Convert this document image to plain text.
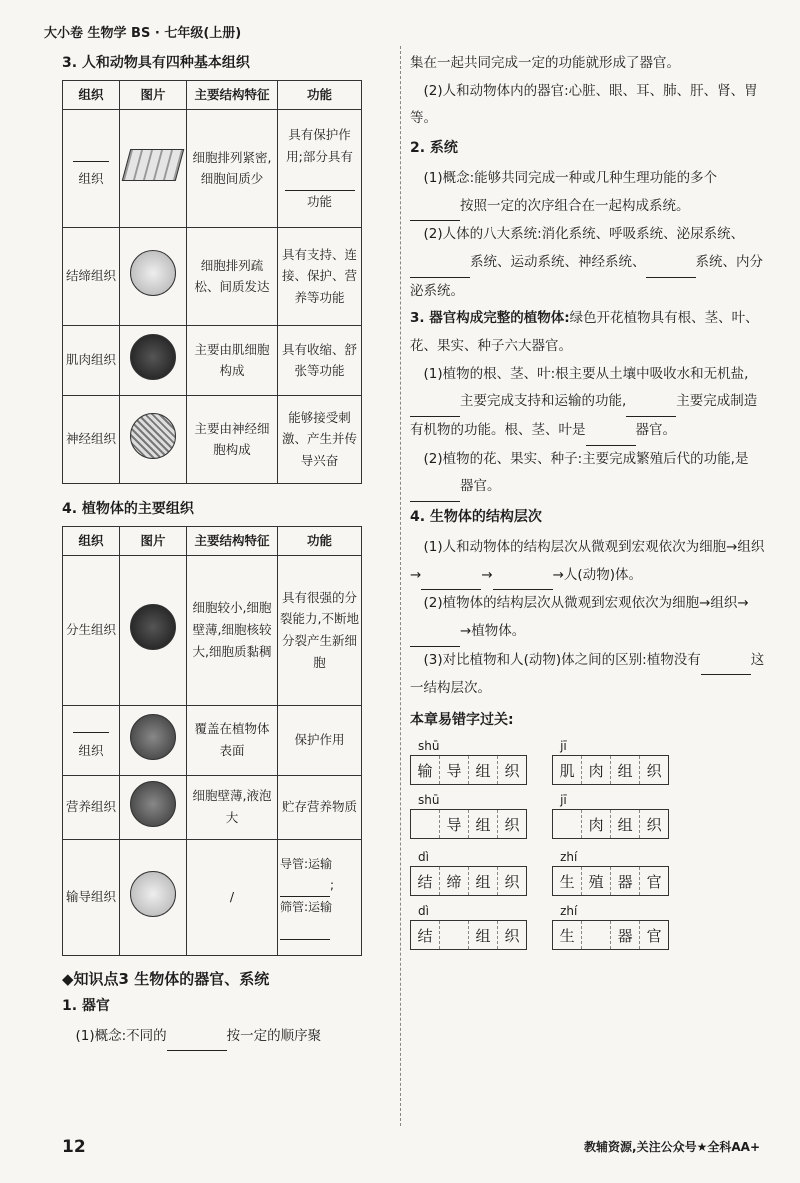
大小卷 生物学 BS · 七年级(上册)
3. 人和动物具有四种基本组织
组织	图片	主要结构特征	功能

组织		细胞排列紧密,细胞间质少	具有保护作用;部分具有

功能
结缔组织		细胞排列疏松、间质发达	具有支持、连接、保护、营养等功能
肌肉组织		主要由肌细胞构成	具有收缩、舒张等功能
神经组织		主要由神经细胞构成	能够接受刺激、产生并传导兴奋
4. 植物体的主要组织
组织	图片	主要结构特征	功能
分生组织		细胞较小,细胞壁薄,细胞核较大,细胞质黏稠	具有很强的分裂能力,不断地分裂产生新细胞

组织		覆盖在植物体表面	保护作用
营养组织		细胞壁薄,液泡大	贮存营养物质
输导组织		/	导管:运输
;
筛管:运输

◆知识点3 生物体的器官、系统
1. 器官

(1)概念:不同的	按一定的顺序聚

集在一起共同完成一定的功能就形成了器官。

(2)人和动物体内的器官:心脏、眼、耳、肺、肝、肾、胃等。

2. 系统

(1)概念:能够共同完成一种或几种生理功能的多个 按照一定的次序组合在一起构成系统。

(2)人体的八大系统:消化系统、呼吸系统、泌尿系统、 系统、运动系统、神经系统、	系统、内分泌系统。

3. 器官构成完整的植物体:绿色开花植物具有根、茎、叶、花、果实、种子六大器官。

(1)植物的根、茎、叶:根主要从土壤中吸收水和无机盐, 主要完成支持和运输的功能,	主要完成制造有机物的功能。根、茎、叶是	器官。

(2)植物的花、果实、种子:主要完成繁殖后代的功能,是 器官。

4. 生物体的结构层次

(1)人和动物体的结构层次从微观到宏观依次为细胞→组织→	→	→人(动物)体。

(2)植物体的结构层次从微观到宏观依次为细胞→组织→ →植物体。

(3)对比植物和人(动物)体之间的区别:植物没有	这一结构层次。

本章易错字过关:
shū
输 导 组 织

jī
肌 肉 组 织

shū
导 组 织

jī
肉 组 织

dì
结 缔 组 织

zhí
生 殖 器 官

dì
结	组 织

zhí
生	器 官
12	教辅资源,关注公众号★全科AA+
